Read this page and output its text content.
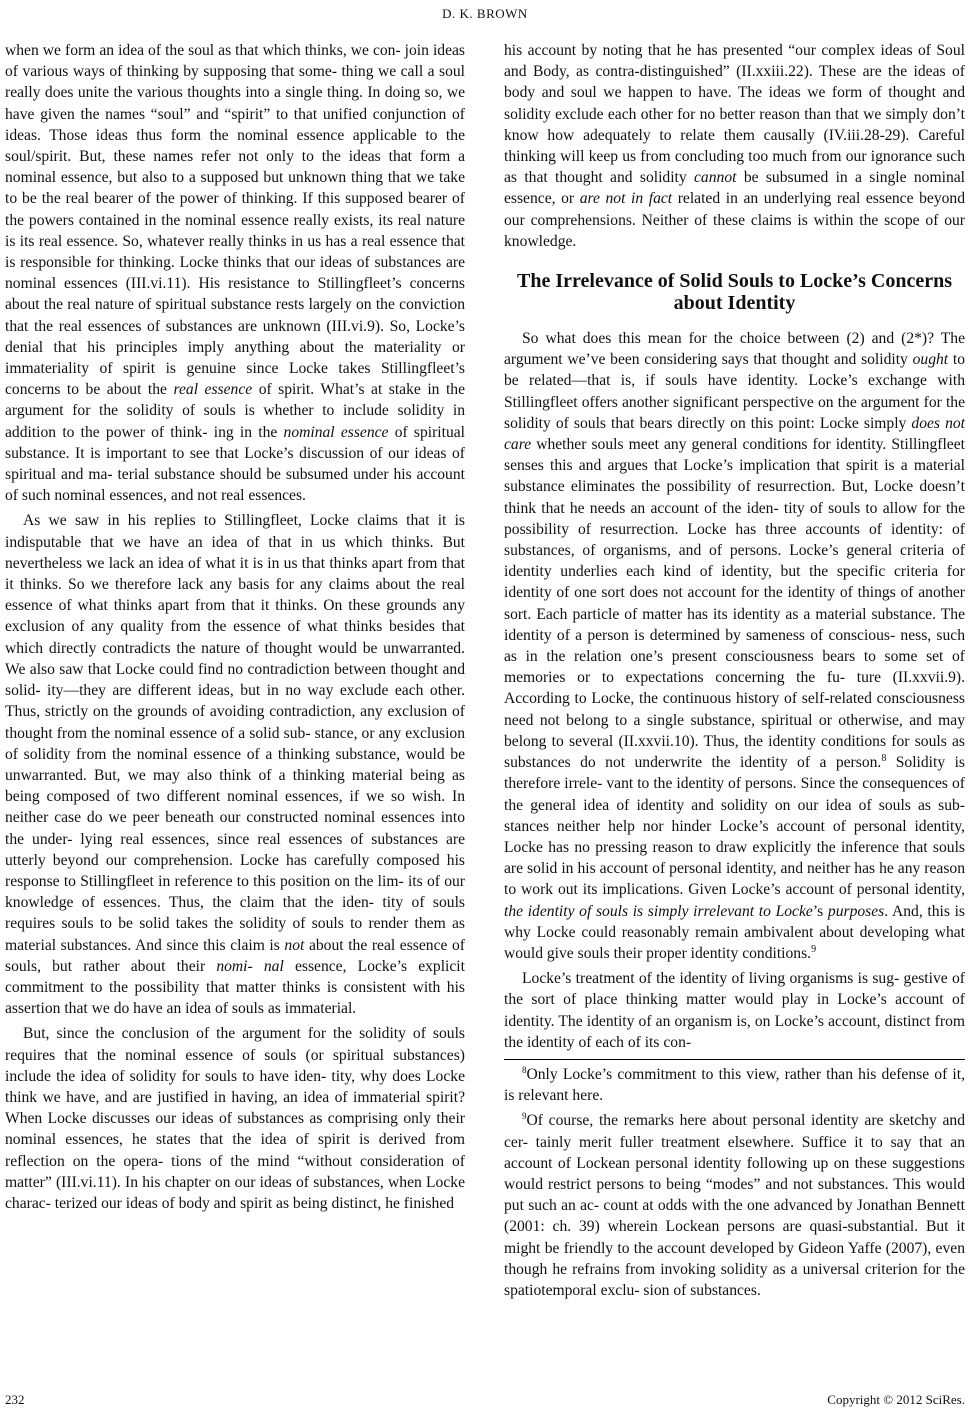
D. K. BROWN

when we form an idea of the soul as that which thinks, we con- join ideas of various ways of thinking by supposing that some- thing we call a soul really does unite the various thoughts into a single thing. In doing so, we have given the names “soul” and “spirit” to that unified conjunction of ideas. Those ideas thus form the nominal essence applicable to the soul/spirit. But, these names refer not only to the ideas that form a nominal essence, but also to a supposed but unknown thing that we take to be the real bearer of the power of thinking. If this supposed bearer of the powers contained in the nominal essence really exists, its real nature is its real essence. So, whatever really thinks in us has a real essence that is responsible for thinking. Locke thinks that our ideas of substances are nominal essences (III.vi.11). His resistance to Stillingfleet’s concerns about the real nature of spiritual substance rests largely on the conviction that the real essences of substances are unknown (III.vi.9). So, Locke’s denial that his principles imply anything about the materiality or immateriality of spirit is genuine since Locke takes Stillingfleet’s concerns to be about the real essence of spirit. What’s at stake in the argument for the solidity of souls is whether to include solidity in addition to the power of think- ing in the nominal essence of spiritual substance. It is important to see that Locke’s discussion of our ideas of spiritual and ma- terial substance should be subsumed under his account of such nominal essences, and not real essences.

As we saw in his replies to Stillingfleet, Locke claims that it is indisputable that we have an idea of that in us which thinks. But nevertheless we lack an idea of what it is in us that thinks apart from that it thinks. So we therefore lack any basis for any claims about the real essence of what thinks apart from that it thinks. On these grounds any exclusion of any quality from the essence of what thinks besides that which directly contradicts the nature of thought would be unwarranted. We also saw that Locke could find no contradiction between thought and solid- ity—they are different ideas, but in no way exclude each other. Thus, strictly on the grounds of avoiding contradiction, any exclusion of thought from the nominal essence of a solid sub- stance, or any exclusion of solidity from the nominal essence of a thinking substance, would be unwarranted. But, we may also think of a thinking material being as being composed of two different nominal essences, if we so wish. In neither case do we peer beneath our constructed nominal essences into the under- lying real essences, since real essences of substances are utterly beyond our comprehension. Locke has carefully composed his response to Stillingfleet in reference to this position on the lim- its of our knowledge of essences. Thus, the claim that the iden- tity of souls requires souls to be solid takes the solidity of souls to render them as material substances. And since this claim is not about the real essence of souls, but rather about their nomi- nal essence, Locke’s explicit commitment to the possibility that matter thinks is consistent with his assertion that we do have an idea of souls as immaterial.

But, since the conclusion of the argument for the solidity of souls requires that the nominal essence of souls (or spiritual substances) include the idea of solidity for souls to have iden- tity, why does Locke think we have, and are justified in having, an idea of immaterial spirit? When Locke discusses our ideas of substances as comprising only their nominal essences, he states that the idea of spirit is derived from reflection on the opera- tions of the mind “without consideration of matter” (III.vi.11). In his chapter on our ideas of substances, when Locke charac- terized our ideas of body and spirit as being distinct, he finished

his account by noting that he has presented “our complex ideas of Soul and Body, as contra-distinguished” (II.xxiii.22). These are the ideas of body and soul we happen to have. The ideas we form of thought and solidity exclude each other for no better reason than that we simply don’t know how adequately to relate them causally (IV.iii.28-29). Careful thinking will keep us from concluding too much from our ignorance such as that thought and solidity cannot be subsumed in a single nominal essence, or are not in fact related in an underlying real essence beyond our comprehensions. Neither of these claims is within the scope of our knowledge.

The Irrelevance of Solid Souls to Locke’s Concerns about Identity

So what does this mean for the choice between (2) and (2*)? The argument we’ve been considering says that thought and solidity ought to be related—that is, if souls have identity. Locke’s exchange with Stillingfleet offers another significant perspective on the argument for the solidity of souls that bears directly on this point: Locke simply does not care whether souls meet any general conditions for identity. Stillingfleet senses this and argues that Locke’s implication that spirit is a material substance eliminates the possibility of resurrection. But, Locke doesn’t think that he needs an account of the iden- tity of souls to allow for the possibility of resurrection. Locke has three accounts of identity: of substances, of organisms, and of persons. Locke’s general criteria of identity underlies each kind of identity, but the specific criteria for identity of one sort does not account for the identity of things of another sort. Each particle of matter has its identity as a material substance. The identity of a person is determined by sameness of conscious- ness, such as in the relation one’s present consciousness bears to some set of memories or to expectations concerning the fu- ture (II.xxvii.9). According to Locke, the continuous history of self-related consciousness need not belong to a single substance, spiritual or otherwise, and may belong to several (II.xxvii.10). Thus, the identity conditions for souls as substances do not underwrite the identity of a person.$^8$ Solidity is therefore irrele- vant to the identity of persons. Since the consequences of the general idea of identity and solidity on our idea of souls as sub- stances neither help nor hinder Locke’s account of personal identity, Locke has no pressing reason to draw explicitly the inference that souls are solid in his account of personal identity, and neither has he any reason to work out its implications. Given Locke’s account of personal identity, the identity of souls is simply irrelevant to Locke’s purposes. And, this is why Locke could reasonably remain ambivalent about developing what would give souls their proper identity conditions.$^9$

Locke’s treatment of the identity of living organisms is sug- gestive of the sort of place thinking matter would play in Locke’s account of identity. The identity of an organism is, on Locke’s account, distinct from the identity of each of its con-

$^8$Only Locke’s commitment to this view, rather than his defense of it, is relevant here.

$^9$Of course, the remarks here about personal identity are sketchy and cer- tainly merit fuller treatment elsewhere. Suffice it to say that an account of Lockean personal identity following up on these suggestions would restrict persons to being “modes” and not substances. This would put such an ac- count at odds with the one advanced by Jonathan Bennett (2001: ch. 39) wherein Lockean persons are quasi-substantial. But it might be friendly to the account developed by Gideon Yaffe (2007), even though he refrains from invoking solidity as a universal criterion for the spatiotemporal exclu- sion of substances.

232	Copyright © 2012 SciRes.
